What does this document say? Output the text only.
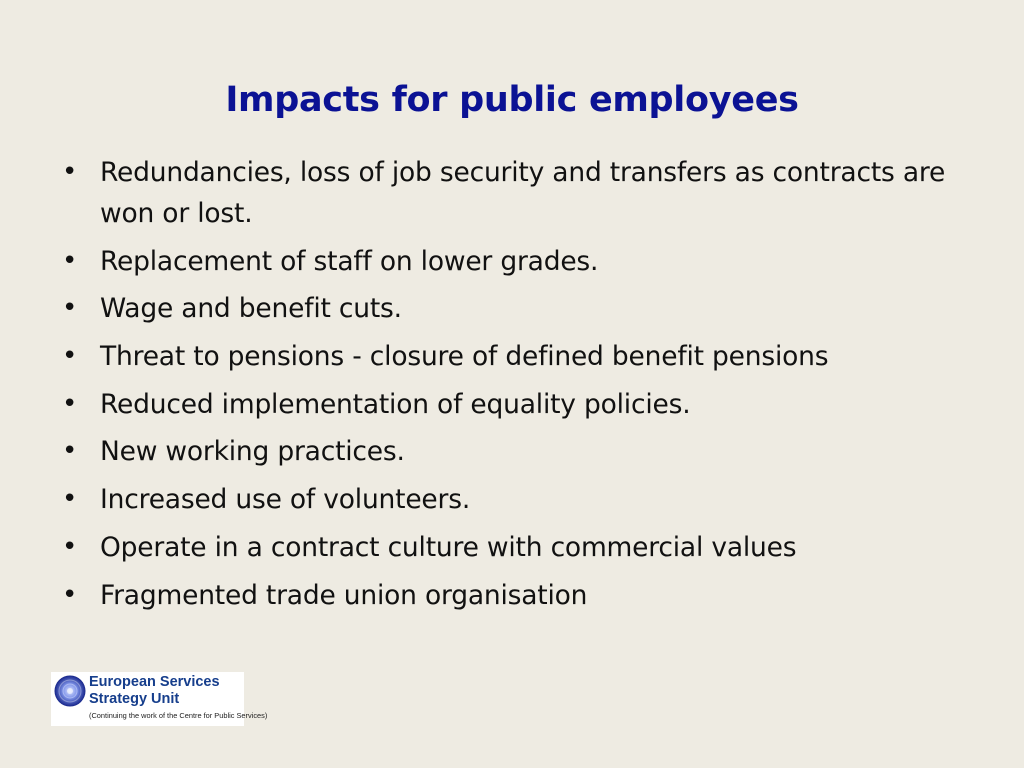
Impacts for public employees
• Redundancies, loss of job security and transfers as contracts are won or lost.
• Replacement of staff on lower grades.
• Wage and benefit cuts.
• Threat to pensions - closure of defined benefit pensions
• Reduced implementation of equality policies.
• New working practices.
• Increased use of volunteers.
• Operate in a contract culture with commercial values
• Fragmented trade union organisation
European Services
Strategy Unit
(Continuing the work of the Centre for Public Services)
